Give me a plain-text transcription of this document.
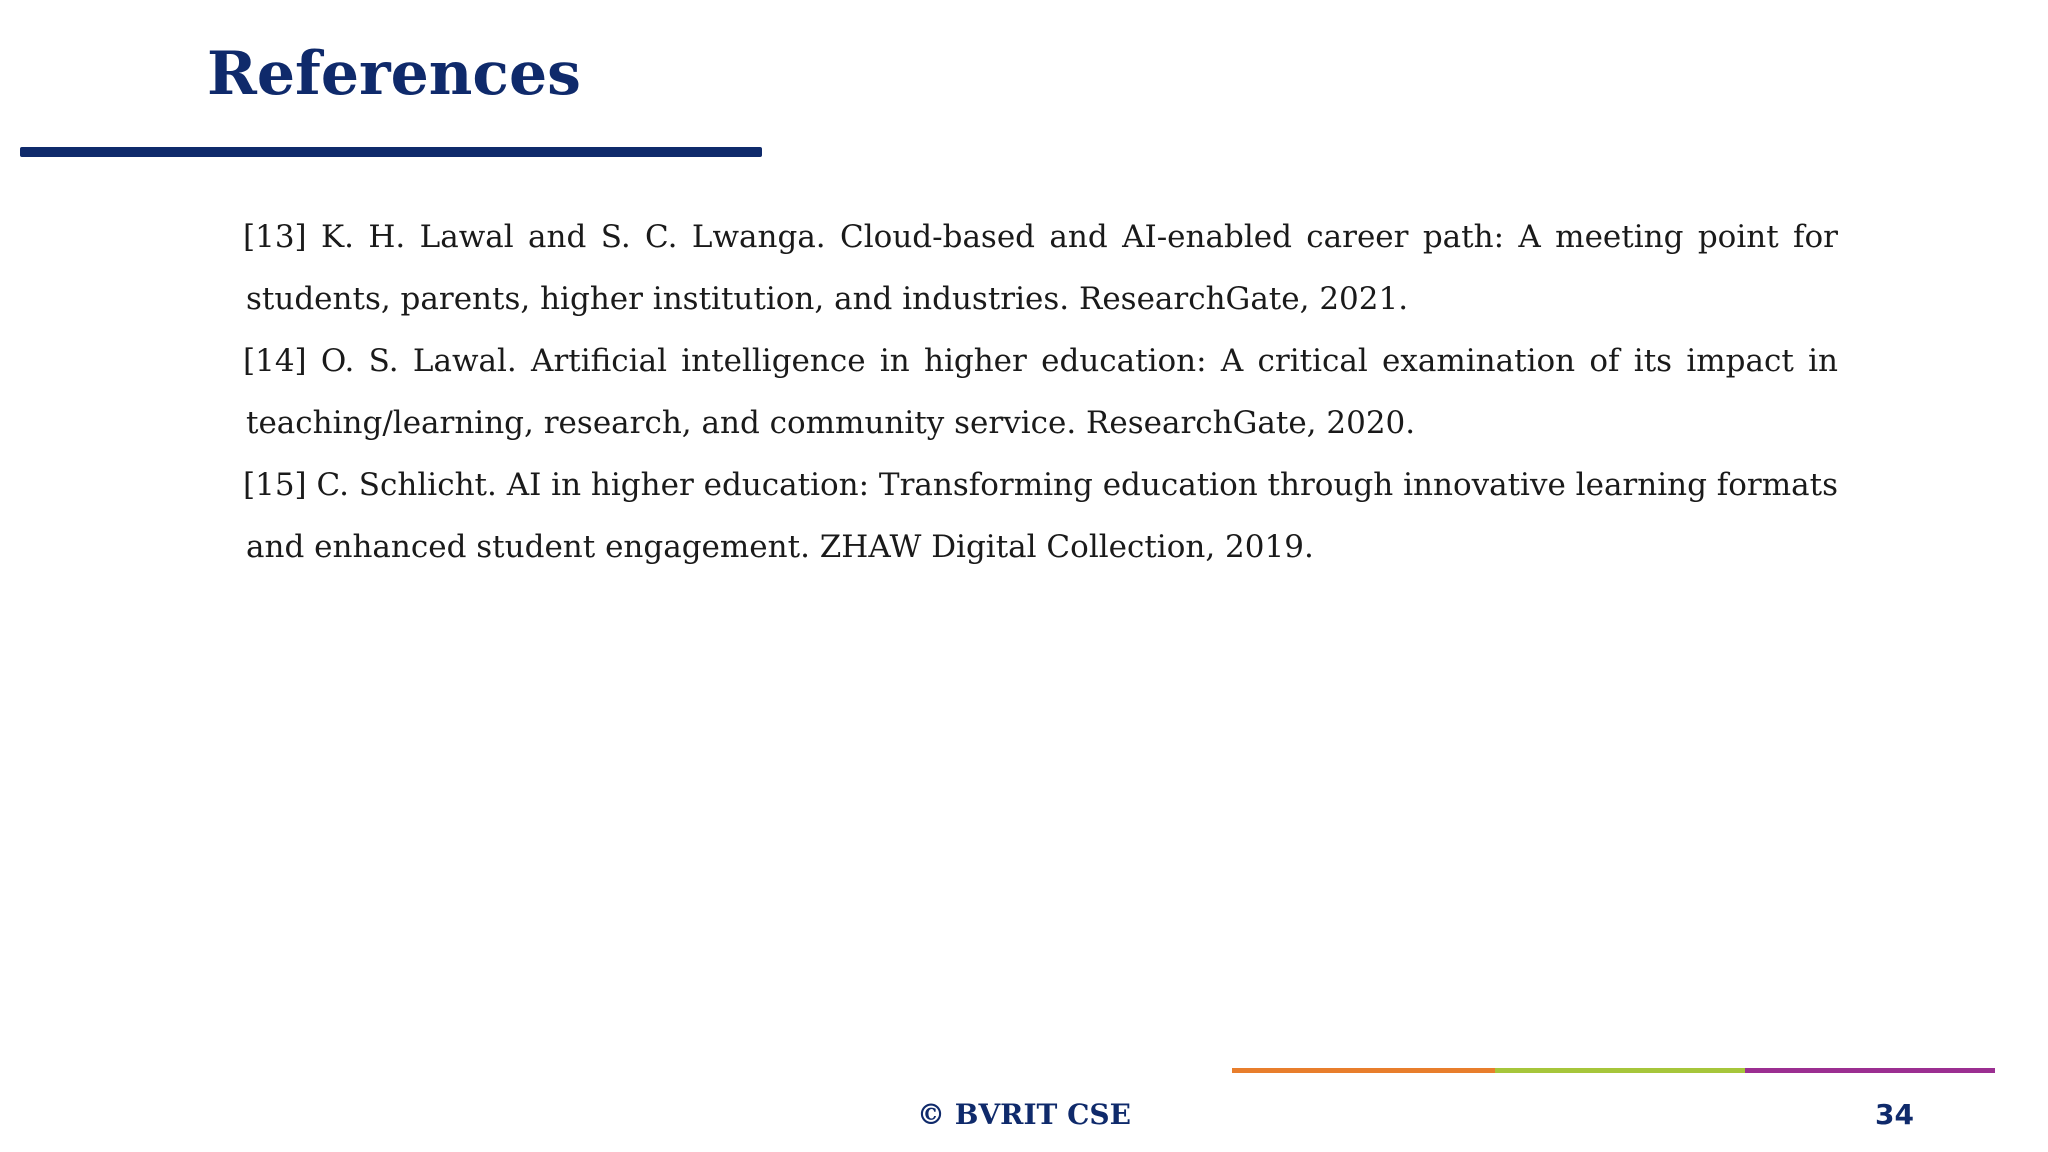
References

[13] K. H. Lawal and S. C. Lwanga. Cloud-based and AI-enabled career path: A meeting point for students, parents, higher institution, and industries. ResearchGate, 2021.

[14] O. S. Lawal. Artificial intelligence in higher education: A critical examination of its impact in teaching/learning, research, and community service. ResearchGate, 2020.

[15] C. Schlicht. AI in higher education: Transforming education through innovative learning formats and enhanced student engagement. ZHAW Digital Collection, 2019.

© BVRIT CSE	34
